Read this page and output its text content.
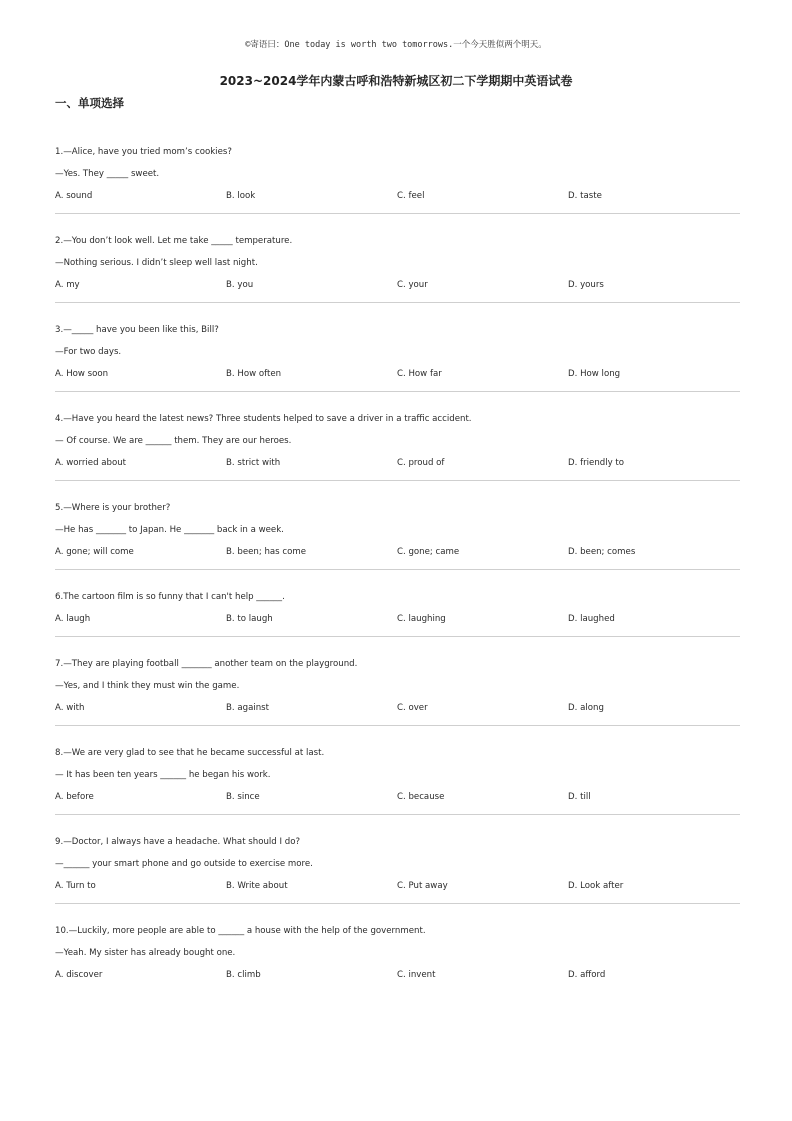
©寄语曰：One today is worth two tomorrows.一个今天胜似两个明天。
2023~2024学年内蒙古呼和浩特新城区初二下学期期中英语试卷
一、单项选择
1.—Alice, have you tried mom’s cookies?
—Yes. They _____ sweet.
A. sound	B. look	C. feel	D. taste
2.—You don’t look well. Let me take _____ temperature.
—Nothing serious. I didn’t sleep well last night.
A. my	B. you	C. your	D. yours
3.—_____ have you been like this, Bill?
—For two days.
A. How soon	B. How often	C. How far	D. How long
4.—Have you heard the latest news? Three students helped to save a driver in a traffic accident.
— Of course. We are ______ them. They are our heroes.
A. worried about	B. strict with	C. proud of	D. friendly to
5.—Where is your brother?
—He has _______ to Japan. He _______ back in a week.
A. gone; will come	B. been; has come	C. gone; came	D. been; comes
6.The cartoon film is so funny that I can't help ______.
A. laugh	B. to laugh	C. laughing	D. laughed
7.—They are playing football _______ another team on the playground.
—Yes, and I think they must win the game.
A. with	B. against	C. over	D. along
8.—We are very glad to see that he became successful at last.
— It has been ten years ______ he began his work.
A. before	B. since	C. because	D. till
9.—Doctor, I always have a headache. What should I do?
—______ your smart phone and go outside to exercise more.
A. Turn to	B. Write about	C. Put away	D. Look after
10.—Luckily, more people are able to ______ a house with the help of the government.
—Yeah. My sister has already bought one.
A. discover	B. climb	C. invent	D. afford
